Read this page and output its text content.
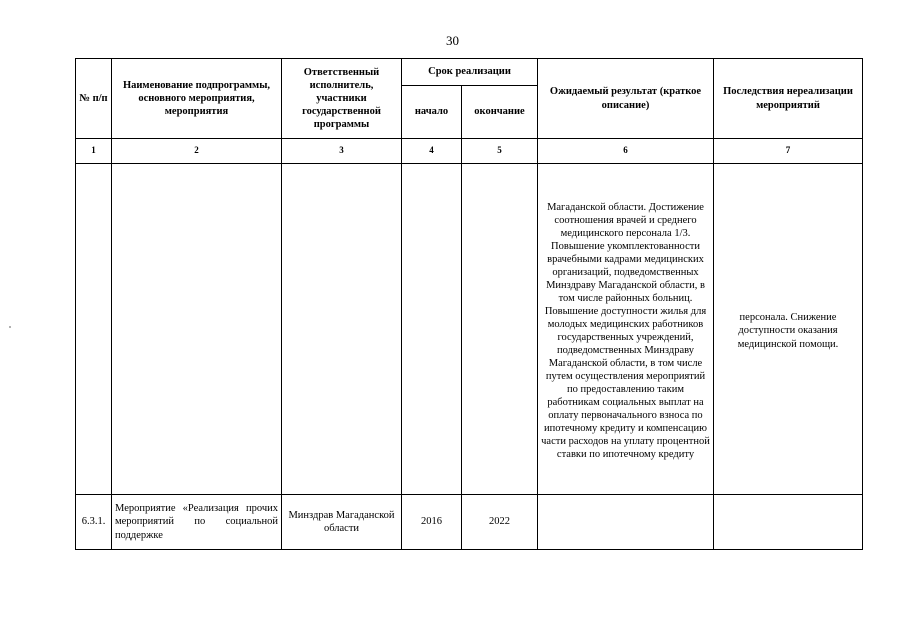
30
№ п/п	Наименование подпрограммы, основного мероприятия, мероприятия	Ответственный исполнитель, участники государственной программы	Срок реализации		Ожидаемый результат (краткое описание)	Последствия нереализации мероприятий
			начало	окончание		
1	2	3	4	5	6	7
					Магаданской области. Достижение соотношения врачей и среднего медицинского персонала 1/3. Повышение укомплектованности врачебными кадрами медицинских организаций, подведомственных Минздраву Магаданской области, в том числе районных больниц. Повышение доступности жилья для молодых медицинских работников государственных учреждений, подведомственных Минздраву Магаданской области, в том числе путем осуществления мероприятий по предоставлению таким работникам социальных выплат на оплату первоначального взноса по ипотечному кредиту и компенсацию части расходов на уплату процентной ставки по ипотечному кредиту	персонала. Снижение доступности оказания медицинской помощи.
6.3.1.	Мероприятие «Реализация прочих мероприятий по социальной поддержке	Минздрав Магаданской области	2016	2022		
